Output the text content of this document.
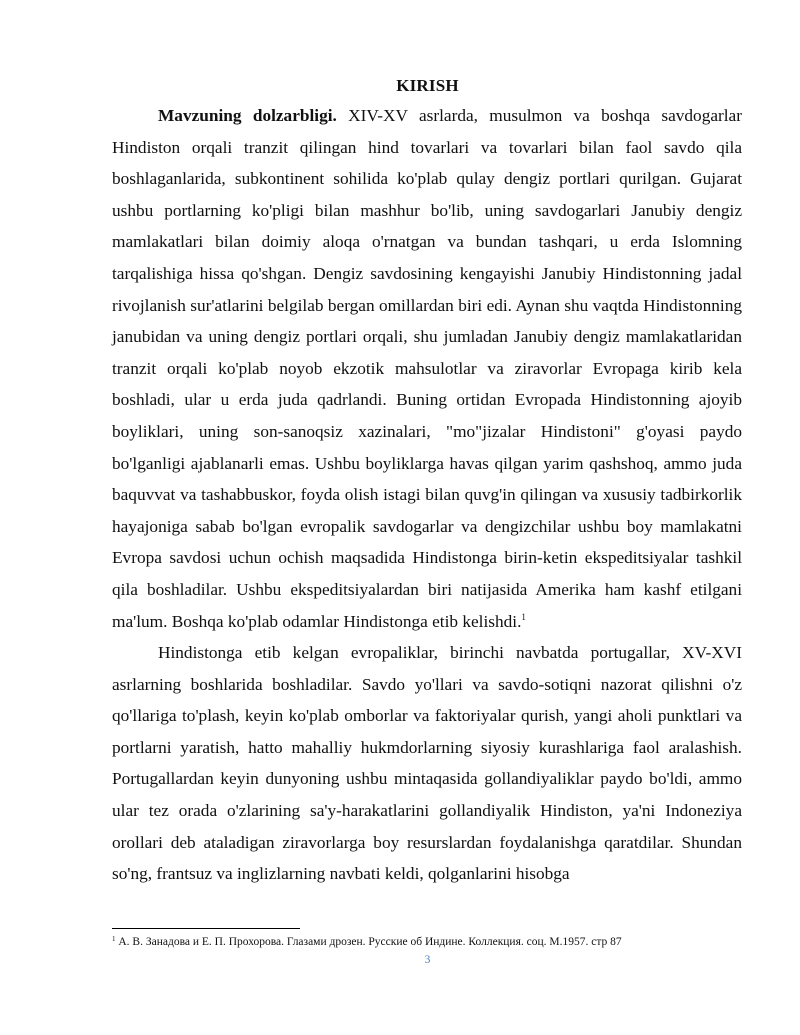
KIRISH

Mavzuning dolzarbligi. XIV-XV asrlarda, musulmon va boshqa savdogarlar Hindiston orqali tranzit qilingan hind tovarlari va tovarlari bilan faol savdo qila boshlaganlarida, subkontinent sohilida ko'plab qulay dengiz portlari qurilgan. Gujarat ushbu portlarning ko'pligi bilan mashhur bo'lib, uning savdogarlari Janubiy dengiz mamlakatlari bilan doimiy aloqa o'rnatgan va bundan tashqari, u erda Islomning tarqalishiga hissa qo'shgan. Dengiz savdosining kengayishi Janubiy Hindistonning jadal rivojlanish sur'atlarini belgilab bergan omillardan biri edi. Aynan shu vaqtda Hindistonning janubidan va uning dengiz portlari orqali, shu jumladan Janubiy dengiz mamlakatlaridan tranzit orqali ko'plab noyob ekzotik mahsulotlar va ziravorlar Evropaga kirib kela boshladi, ular u erda juda qadrlandi. Buning ortidan Evropada Hindistonning ajoyib boyliklari, uning son-sanoqsiz xazinalari, "mo"jizalar Hindistoni" g'oyasi paydo bo'lganligi ajablanarli emas. Ushbu boyliklarga havas qilgan yarim qashshoq, ammo juda baquvvat va tashabbuskor, foyda olish istagi bilan quvg'in qilingan va xususiy tadbirkorlik hayajoniga sabab bo'lgan evropalik savdogarlar va dengizchilar ushbu boy mamlakatni Evropa savdosi uchun ochish maqsadida Hindistonga birin-ketin ekspeditsiyalar tashkil qila boshladilar. Ushbu ekspeditsiyalardan biri natijasida Amerika ham kashf etilgani ma'lum. Boshqa ko'plab odamlar Hindistonga etib kelishdi.$^1$

Hindistonga etib kelgan evropaliklar, birinchi navbatda portugallar, XV-XVI asrlarning boshlarida boshladilar. Savdo yo'llari va savdo-sotiqni nazorat qilishni o'z qo'llariga to'plash, keyin ko'plab omborlar va faktoriyalar qurish, yangi aholi punktlari va portlarni yaratish, hatto mahalliy hukmdorlarning siyosiy kurashlariga faol aralashish. Portugallardan keyin dunyoning ushbu mintaqasida gollandiyaliklar paydo bo'ldi, ammo ular tez orada o'zlarining sa'y-harakatlarini gollandiyalik Hindiston, ya'ni Indoneziya orollari deb ataladigan ziravorlarga boy resurslardan foydalanishga qaratdilar. Shundan so'ng, frantsuz va inglizlarning navbati keldi, qolganlarini hisobga

$^1$ А. В. Занадова и Е. П. Прохорова. Глазами дрозен. Русские об Индине. Коллекция. соц. М.1957. стр 87
3
